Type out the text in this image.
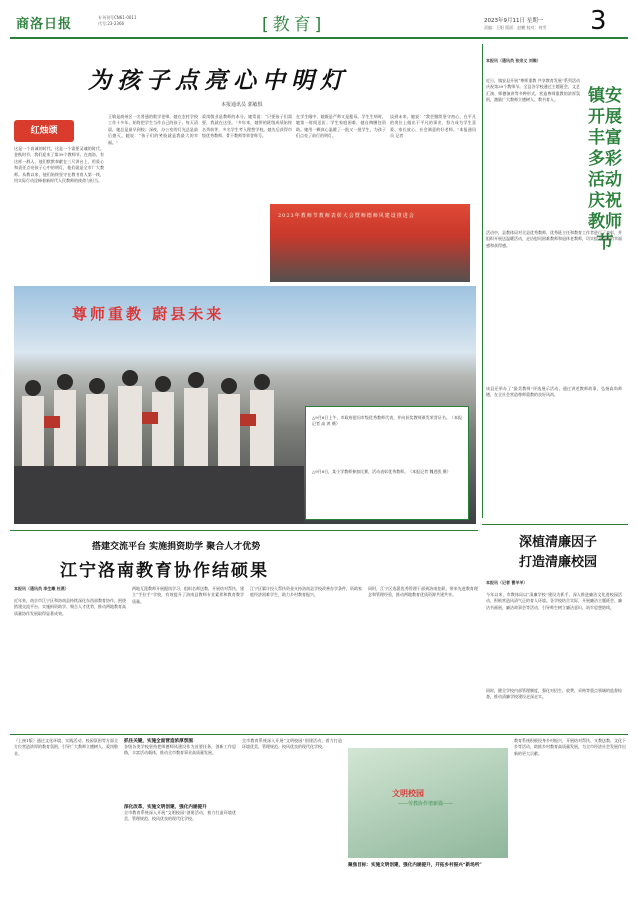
商洛日报	专刊刊号CN61-0011
代号:23-2366	[教育]	2023年9月11日 星期一
责编：王阳 版面：赵鹏 校对：何雪 3
为孩子点亮心中明灯
本报通讯员 郭敏惧
红烛颂
这是一个真诚的时代，这是一个需要灵魂的时代。金秋时节，我们迎来了第39个教师节。在商洛，有这样一群人，他们默默奉献在三尺讲台上，用爱心和责任点亮孩子心中的明灯，他们就是全市广大教师。从教以来，他们始终坚守在教书育人第一线，用实际行动诠释着新时代人民教师的使命与担当。
王敏是商州区一名普通的数学老师，她在农村学校工作十多年，始终把学生当作自己的孩子。每天清晨，她总是最早到校；深夜，办公室的灯光总是最后熄灭。她说：“孩子们的笑脸就是我最大的幸福。”
爱岗敬业是教师的本分。她常说：“只要孩子们需要，我就在这里。”多年来，她带的班级成绩始终名列前茅，多名学生考入理想学校。她先后获得市级优秀教师、骨干教师等荣誉称号。
在学生眼中，她既是严师又是慈母。学生生病时，她第一时间送医；学生家庭困难，她自掏腰包资助。她用一颗真心温暖了一批又一批学生，为孩子们点亮了前行的明灯。
谈到未来，她说：“我会继续坚守初心，在平凡的岗位上做出不平凡的事业，努力成为学生喜爱、家长放心、社会满意的好老师。”本报通讯员 记者
2023年教师节教师表彰大会暨师德师风建设推进会
尊师重教 蔚县未来
△9月8日上午，市政府慰问市级优秀教师代表，并向获奖教师颁发荣誉证书。（本报记者 高 鸿 摄）
△9月8日，某小学教师参加比赛，活动表彰优秀教师。（本报记者 魏进凯 摄）
本报讯（通讯员 张宗义 刘维）
近日，镇安县开展“尊师重教 共享教育发展”系列活动庆祝第39个教师节。全县各学校通过主题班会、文艺汇演、师德演讲等多种形式，营造尊师重教的浓厚氛围，激励广大教师立德树人、教书育人。	镇安开展丰富多彩活动庆祝教师节
活动中，县教体局对全县优秀教师、优秀班主任和教育工作者进行了表彰，并组织开展送温暖活动，走访慰问困难教师和退休老教师，切实提升教师的幸福感和获得感。
该县还举办了“最美教师”评选展示活动，通过讲述教师故事，弘扬高尚师德，在全社会营造尊师重教的良好风尚。
深植清廉因子
打造清廉校园
本报讯（记者 曹羊羊）
今年以来，市教体局以“清廉学校”建设为抓手，深入推进廉洁文化进校园活动，积极营造风清气正的育人环境。各学校结合实际，开展廉洁主题班会、廉洁书画展、廉洁故事会等活动，引导师生树立廉洁意识，筑牢思想防线。
同时，健全学校内部管理制度，强化对招生、收费、采购等重点领域的监督检查，推动清廉学校建设走深走实。
搭建交流平台 实施捐资助学 聚合人才优势
江宁洛南教育协作结硕果
本报讯（通讯员 李生雕 杜燕）
近年来，南京市江宁区和洛南县持续深化东西部教育协作，围绕搭建交流平台、实施捐资助学、聚合人才优势，推动两地教育高质量协作发展取得显著成效。
两地互派教师开展跟岗学习，组织名师送教，开展结对帮扶，建立“手拉手”学校，有效提升了洛南县教师专业素养和教育教学质量。
江宁区累计投入帮扶资金支持洛南县学校改善办学条件，资助家庭经济困难学生，助力乡村教育振兴。
同时，江宁区选派优秀管理干部到洛南挂职，带来先进教育理念和管理经验，推动两地教育优质资源共建共享。
（上接1版）通过文化环境、实践活动、校园氛围等方面全方位营造浓厚的教育氛围，引导广大教师立德树人、爱岗敬业。
抓住关键，实施全面营造浓厚氛围
各级各类学校坚持把师德师风建设作为首要任务，创新工作思路，丰富活动载体，推动全市教育事业高质量发展。
深化改革，实施文明创建，强化内涵提升
全市教育系统深入开展“文明校园”创建活动，着力打造环境优美、管理规范、校风优良的现代化学校。
全市教育系统深入开展“文明校园”创建活动，着力打造环境优美、管理规范、校风优良的现代化学校。
文明校园
——劳教协作谱新篇——
聚焦目标：实施文明创建，强化内涵提升，开拓乡村振兴“新场所”
教育系统积极投身乡村振兴，开展结对帮扶、支教送教、文化下乡等活动，助推乡村教育高质量发展，为全市经济社会发展作出新的更大贡献。
